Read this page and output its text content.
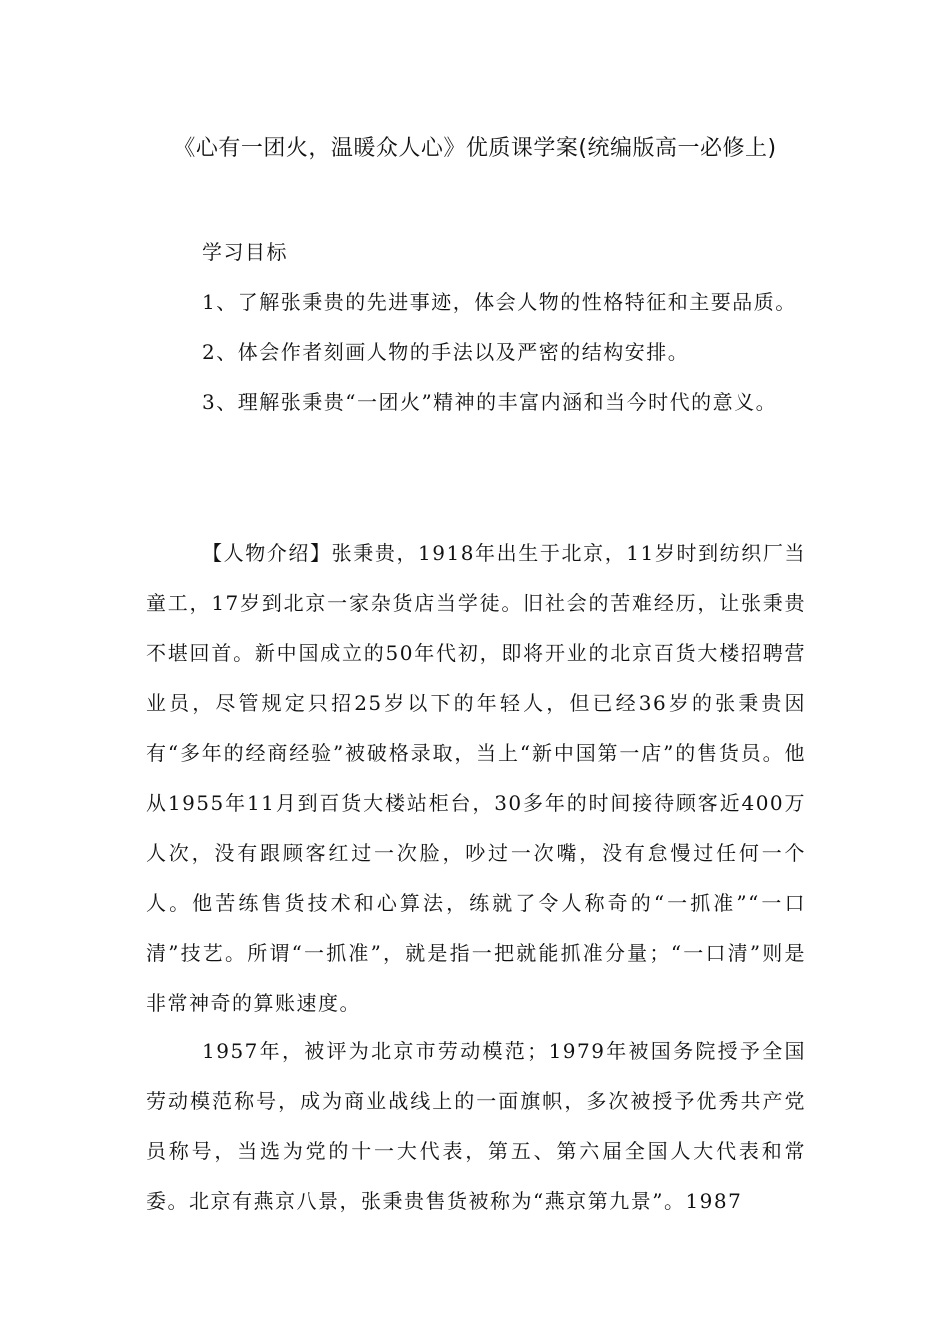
《心有一团火，温暖众人心》优质课学案(统编版高一必修上)

学习目标

1、了解张秉贵的先进事迹，体会人物的性格特征和主要品质。
2、体会作者刻画人物的手法以及严密的结构安排。
3、理解张秉贵“一团火”精神的丰富内涵和当今时代的意义。

【人物介绍】张秉贵，1918年出生于北京，11岁时到纺织厂当童工，17岁到北京一家杂货店当学徒。旧社会的苦难经历，让张秉贵不堪回首。新中国成立的50年代初，即将开业的北京百货大楼招聘营业员，尽管规定只招25岁以下的年轻人，但已经36岁的张秉贵因有“多年的经商经验”被破格录取，当上“新中国第一店”的售货员。他从1955年11月到百货大楼站柜台，30多年的时间接待顾客近400万人次，没有跟顾客红过一次脸，吵过一次嘴，没有怠慢过任何一个人。他苦练售货技术和心算法，练就了令人称奇的“一抓准”“一口清”技艺。所谓“一抓准”，就是指一把就能抓准分量；“一口清”则是非常神奇的算账速度。

1957年，被评为北京市劳动模范；1979年被国务院授予全国劳动模范称号，成为商业战线上的一面旗帜，多次被授予优秀共产党员称号，当选为党的十一大代表，第五、第六届全国人大代表和常委。北京有燕京八景，张秉贵售货被称为“燕京第九景”。1987
